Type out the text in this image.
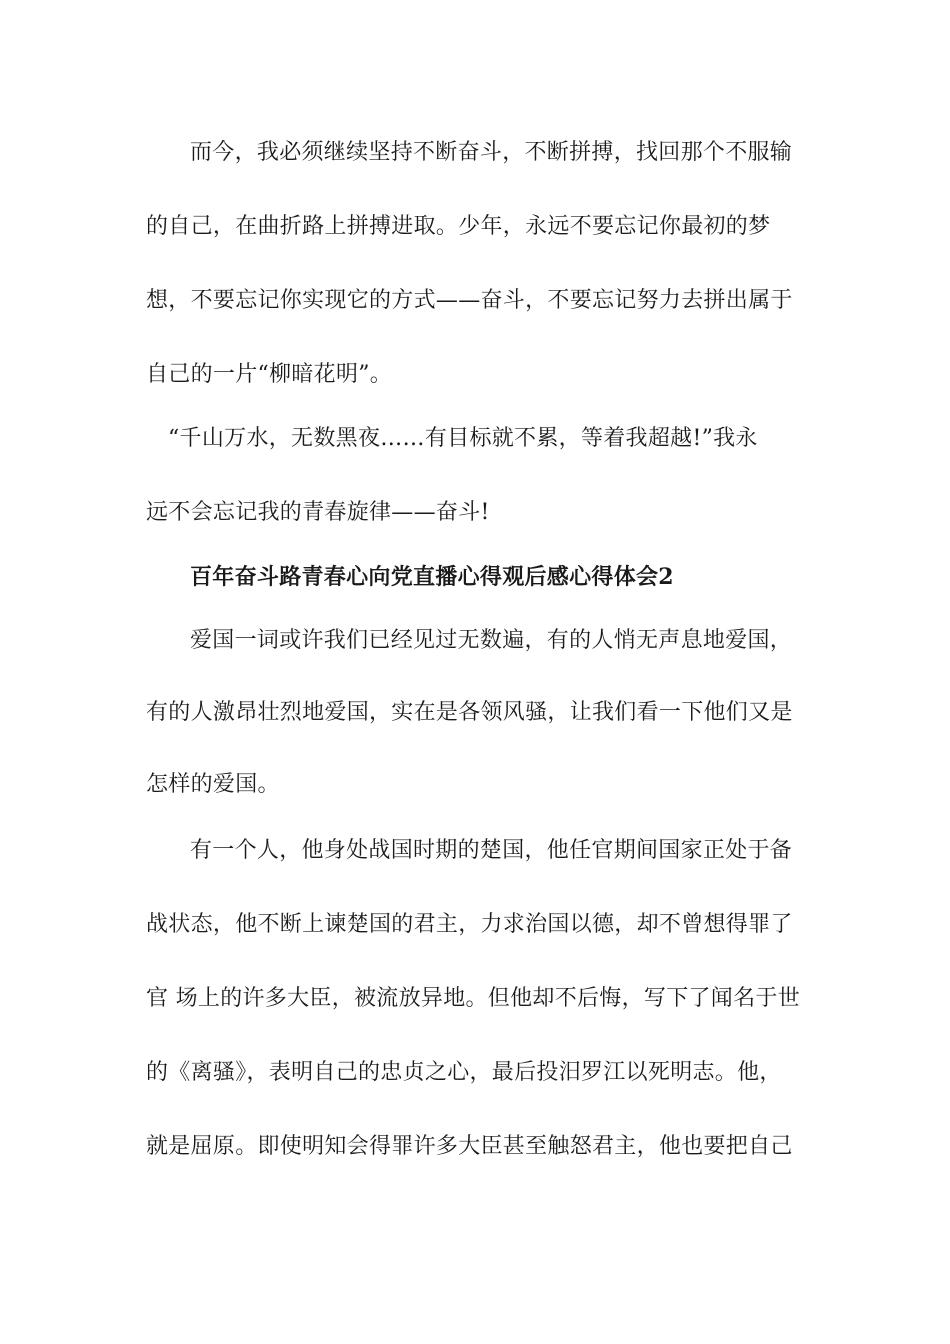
而今，我必须继续坚持不断奋斗，不断拼搏，找回那个不服输
的自己，在曲折路上拼搏进取。少年，永远不要忘记你最初的梦
想，不要忘记你实现它的方式——奋斗，不要忘记努力去拼出属于
自己的一片“柳暗花明”。
“千山万水，无数黑夜……有目标就不累，等着我超越!”我永
远不会忘记我的青春旋律——奋斗!
百年奋斗路青春心向党直播心得观后感心得体会2
爱国一词或许我们已经见过无数遍，有的人悄无声息地爱国，
有的人激昂壮烈地爱国，实在是各领风骚，让我们看一下他们又是
怎样的爱国。
有一个人，他身处战国时期的楚国，他任官期间国家正处于备
战状态，他不断上谏楚国的君主，力求治国以德，却不曾想得罪了
官 场上的许多大臣，被流放异地。但他却不后悔，写下了闻名于世
的《离骚》，表明自己的忠贞之心，最后投汨罗江以死明志。他，
就是屈原。即使明知会得罪许多大臣甚至触怒君主，他也要把自己
